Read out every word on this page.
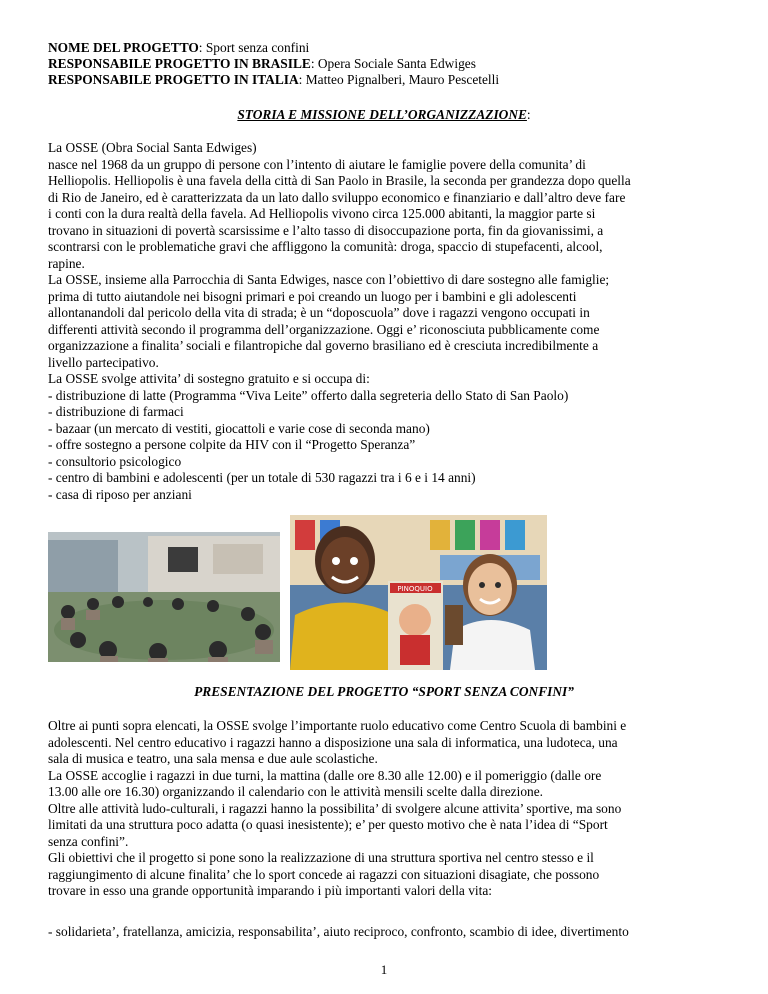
NOME DEL PROGETTO: Sport senza confini
RESPONSABILE PROGETTO IN BRASILE: Opera Sociale Santa Edwiges
RESPONSABILE PROGETTO IN ITALIA: Matteo Pignalberi, Mauro Pescetelli
STORIA E MISSIONE DELL’ORGANIZZAZIONE:

La OSSE (Obra Social Santa Edwiges)

nasce nel 1968 da un gruppo di persone con l’intento di aiutare le famiglie povere della comunita’ di

Helliopolis. Helliopolis è una favela della città di San Paolo in Brasile, la seconda per grandezza dopo quella

di Rio de Janeiro, ed è caratterizzata da un lato dallo sviluppo economico e finanziario e dall’altro deve fare

i conti con la dura realtà della favela. Ad Helliopolis vivono circa 125.000 abitanti, la maggior parte si

trovano in situazioni di povertà scarsissime e l’alto tasso di disoccupazione porta, fin da giovanissimi, a

scontrarsi con le problematiche gravi che affliggono la comunità: droga, spaccio di stupefacenti, alcool,

rapine.

La OSSE, insieme alla Parrocchia di Santa Edwiges, nasce con l’obiettivo di dare sostegno alle famiglie;

prima di tutto aiutandole nei bisogni primari e poi creando un luogo per i bambini e gli adolescenti

allontanandoli dal pericolo della vita di strada; è un “doposcuola” dove i ragazzi vengono occupati in

differenti attività secondo il programma dell’organizzazione. Oggi e’ riconosciuta pubblicamente come

organizzazione a finalita’ sociali e filantropiche dal governo brasiliano ed è cresciuta incredibilmente a

livello partecipativo.

La OSSE svolge attivita’ di sostegno gratuito e si occupa di:

- distribuzione di latte (Programma “Viva Leite” offerto dalla segreteria dello Stato di San Paolo)

- distribuzione di farmaci

- bazaar (un mercato di vestiti, giocattoli e varie cose di seconda mano)

- offre sostegno a persone colpite da HIV con il “Progetto Speranza”

- consultorio psicologico

- centro di bambini e adolescenti (per un totale di 530 ragazzi tra i 6 e i 14 anni)

- casa di riposo per anziani

PINOQUIO
PRESENTAZIONE DEL PROGETTO “SPORT SENZA CONFINI”

Oltre ai punti sopra elencati, la OSSE svolge l’importante ruolo educativo come Centro Scuola di bambini e

adolescenti. Nel centro educativo i ragazzi hanno a disposizione una sala di informatica, una ludoteca, una

sala di musica e teatro, una sala mensa e due aule scolastiche.

La OSSE accoglie i ragazzi in due turni, la mattina (dalle ore 8.30 alle 12.00) e il pomeriggio (dalle ore

13.00 alle ore 16.30) organizzando il calendario con le attività mensili scelte dalla direzione.

Oltre alle attività ludo-culturali, i ragazzi hanno la possibilita’ di svolgere alcune attivita’ sportive, ma sono

limitati da una struttura poco adatta (o quasi inesistente); e’ per questo motivo che è nata l’idea di “Sport

senza confini”.

Gli obiettivi che il progetto si pone sono la realizzazione di una struttura sportiva nel centro stesso e il

raggiungimento di alcune finalita’ che lo sport concede ai ragazzi con situazioni disagiate, che possono

trovare in esso una grande opportunità imparando i più importanti valori della vita:

- solidarieta’, fratellanza, amicizia, responsabilita’, aiuto reciproco, confronto, scambio di idee, divertimento

1
